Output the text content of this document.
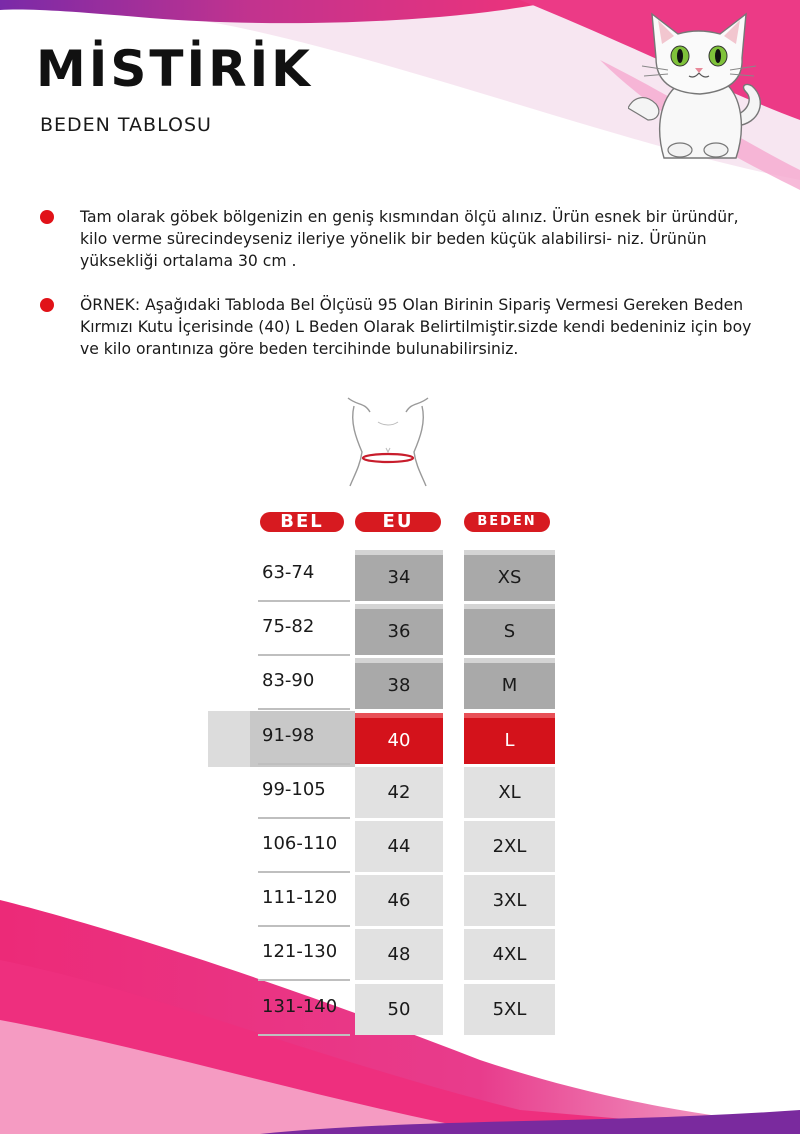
MİSTİRİK
BEDEN TABLOSU
Tam olarak göbek bölgenizin en geniş kısmından ölçü alınız. Ürün esnek bir üründür, kilo verme sürecindeyseniz ileriye yönelik bir beden küçük alabilirsi- niz. Ürünün yüksekliği ortalama 30 cm .
ÖRNEK: Aşağıdaki Tabloda Bel Ölçüsü 95 Olan Birinin Sipariş Vermesi Gereken Beden Kırmızı Kutu İçerisinde (40) L Beden Olarak Belirtilmiştir.sizde kendi bedeniniz için boy ve kilo orantınıza göre beden tercihinde bulunabilirsiniz.
BEL	EU	BEDEN
63-74	34	XS
75-82	36	S
83-90	38	M
91-98	40	L
99-105	42	XL
106-110	44	2XL
111-120	46	3XL
121-130	48	4XL
131-140	50	5XL
